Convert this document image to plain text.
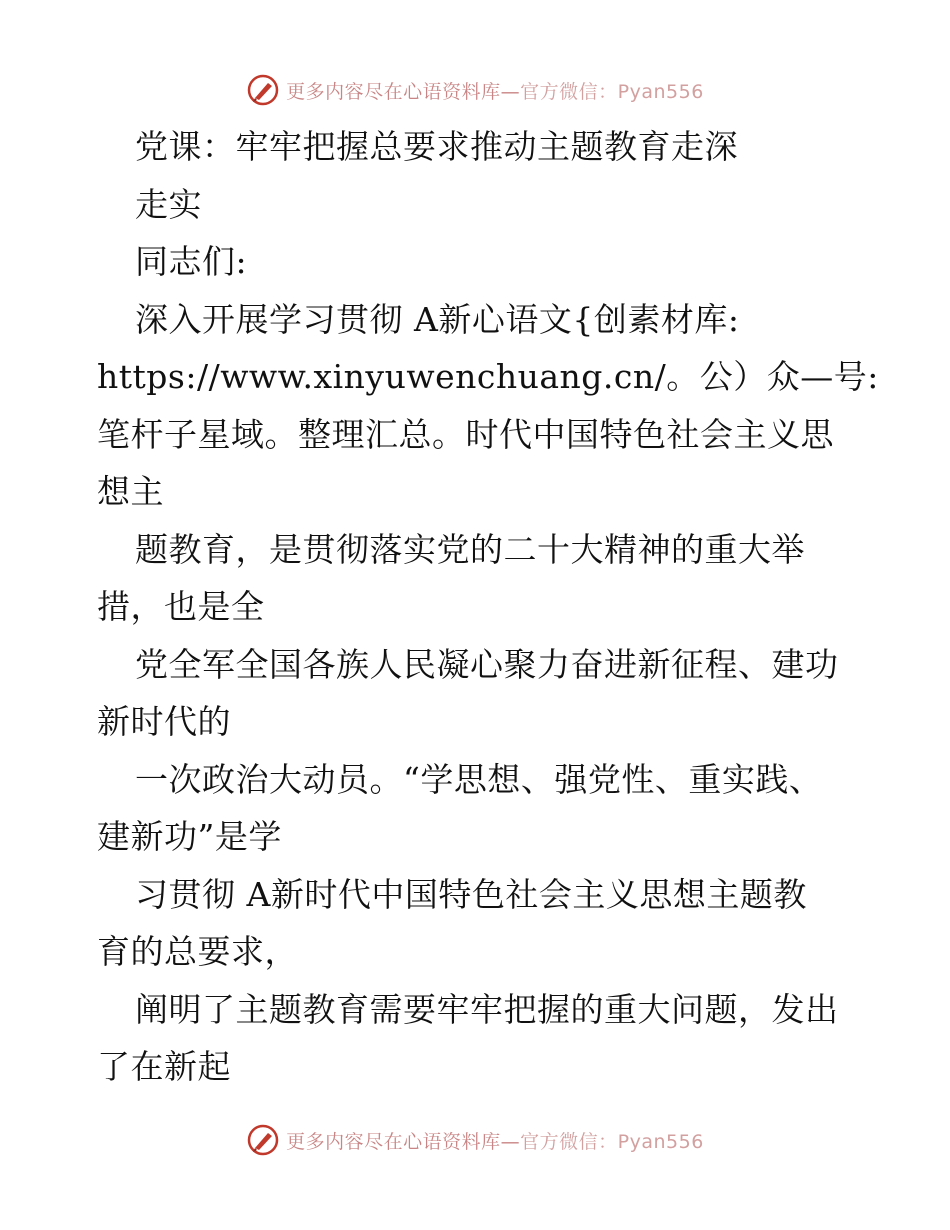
更多内容尽在心语资料库—官方微信：Pyan556
党课：牢牢把握总要求推动主题教育走深
走实
同志们:
深入开展学习贯彻 A新心语文{创素材库:
https://www.xinyuwenchuang.cn/。公）众—号:
笔杆子星域。整理汇总。时代中国特色社会主义思
想主
题教育，是贯彻落实党的二十大精神的重大举
措，也是全
党全军全国各族人民凝心聚力奋进新征程、建功
新时代的
一次政治大动员。“学思想、强党性、重实践、
建新功”是学
习贯彻 A新时代中国特色社会主义思想主题教
育的总要求，
阐明了主题教育需要牢牢把握的重大问题，发出
了在新起
更多内容尽在心语资料库—官方微信：Pyan556
